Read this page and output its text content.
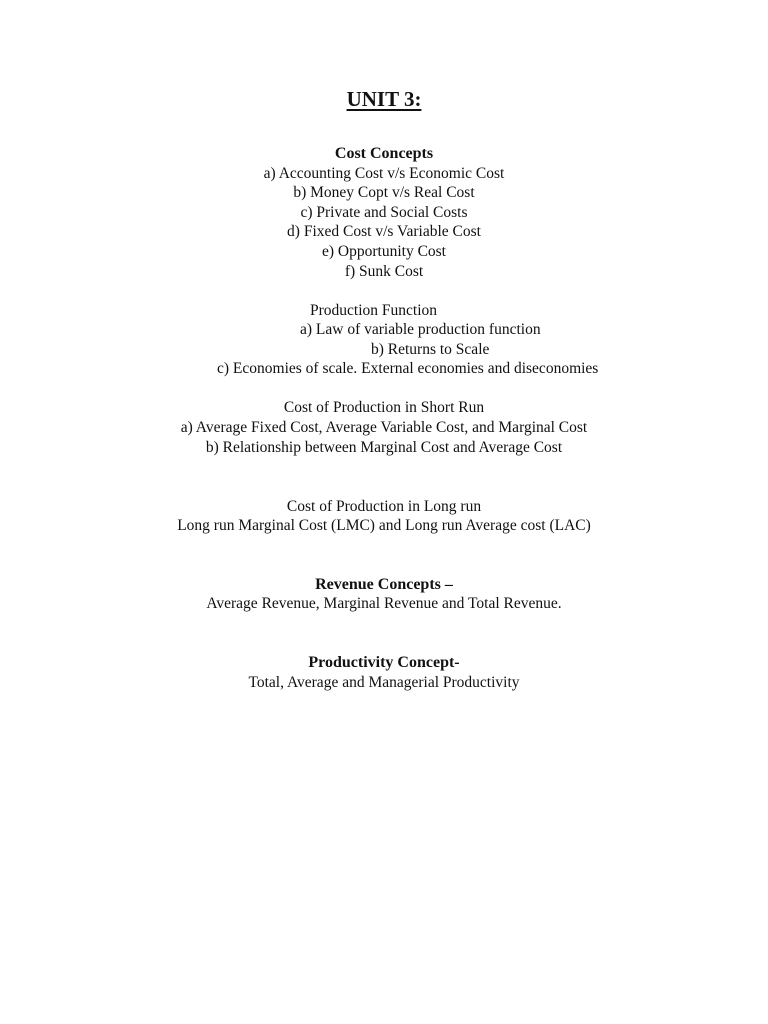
UNIT 3:
Cost Concepts
a) Accounting Cost v/s Economic Cost
b) Money Copt v/s Real Cost
c) Private and Social Costs
d) Fixed Cost v/s Variable Cost
e) Opportunity Cost
f) Sunk Cost
Production Function
a) Law of variable production function
b) Returns to Scale
c) Economies of scale. External economies and diseconomies
Cost of Production in Short Run
a) Average Fixed Cost, Average Variable Cost, and Marginal Cost
b) Relationship between Marginal Cost and Average Cost
Cost of Production in Long run
Long run Marginal Cost (LMC) and Long run Average cost (LAC)
Revenue Concepts –
Average Revenue, Marginal Revenue and Total Revenue.
Productivity Concept-
Total, Average and Managerial Productivity
